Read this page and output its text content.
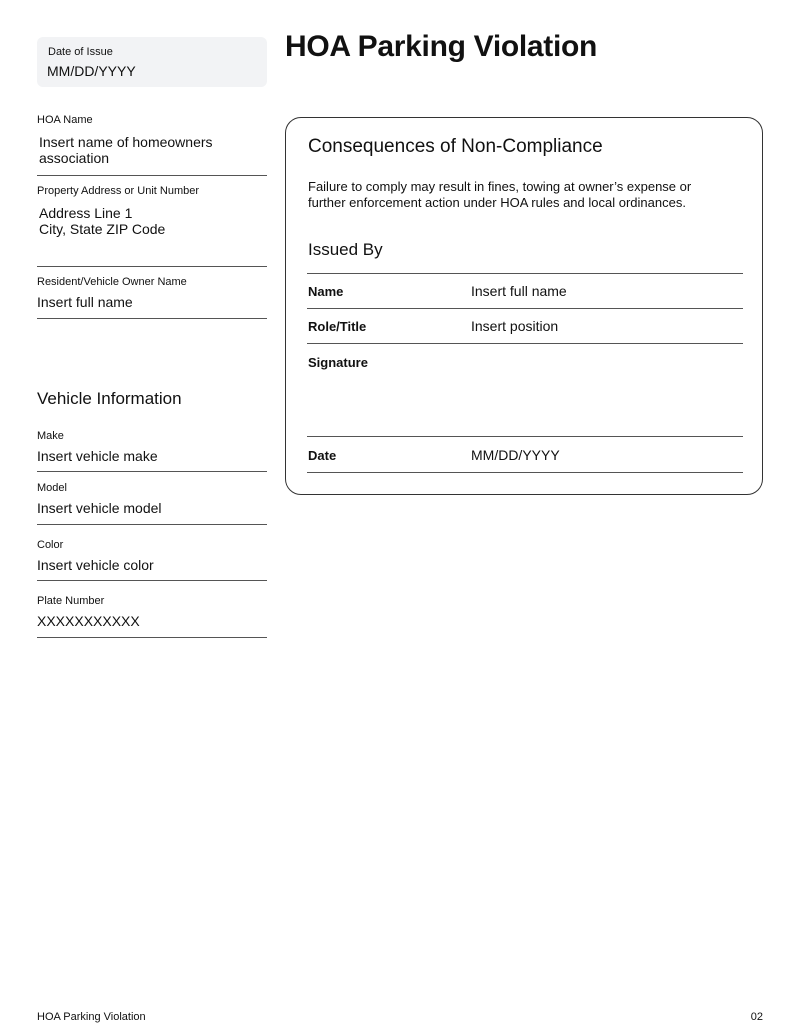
Date of Issue
MM/DD/YYYY
HOA Parking Violation
HOA Name
Insert name of homeowners
association
Property Address or Unit Number
Address Line 1
City, State ZIP Code
Resident/Vehicle Owner Name
Insert full name
Vehicle Information
Make
Insert vehicle make
Model
Insert vehicle model
Color
Insert vehicle color
Plate Number
XXXXXXXXXXX
Consequences of Non-Compliance
Failure to comply may result in fines, towing at owner’s expense or further enforcement action under HOA rules and local ordinances.
Issued By
Name	Insert full name
Role/Title	Insert position
Signature
Date	MM/DD/YYYY
HOA Parking Violation	02
